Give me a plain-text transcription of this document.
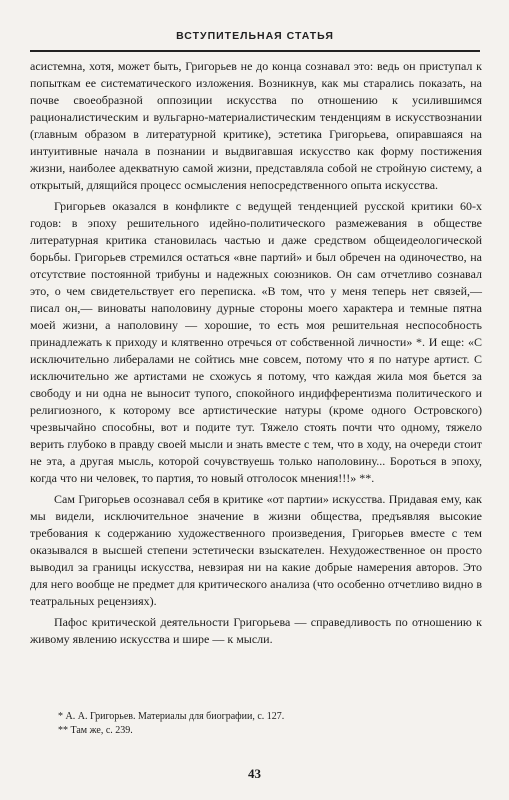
ВСТУПИТЕЛЬНАЯ СТАТЬЯ

асистемна, хотя, может быть, Григорьев не до конца сознавал это: ведь он приступал к попыткам ее систематического изложения. Возникнув, как мы старались показать, на почве своеобразной оппозиции искусства по отношению к усилившимся рационалистическим и вульгарно-материалистическим тенденциям в искусствознании (главным образом в литературной критике), эстетика Григорьева, опиравшаяся на интуитивные начала в познании и выдвигавшая искусство как форму постижения жизни, наиболее адекватную самой жизни, представляла собой не стройную систему, а открытый, длящийся процесс осмысления непосредственного опыта искусства.

Григорьев оказался в конфликте с ведущей тенденцией русской критики 60-х годов: в эпоху решительного идейно-политического размежевания в обществе литературная критика становилась частью и даже средством общеидеологической борьбы. Григорьев стремился остаться «вне партий» и был обречен на одиночество, на отсутствие постоянной трибуны и надежных союзников. Он сам отчетливо сознавал это, о чем свидетельствует его переписка. «В том, что у меня теперь нет связей,— писал он,— виноваты наполовину дурные стороны моего характера и темные пятна моей жизни, а наполовину — хорошие, то есть моя решительная неспособность принадлежать к приходу и клятвенно отречься от собственной личности» *. И еще: «С исключительно либералами не сойтись мне совсем, потому что я по натуре артист. С исключительно же артистами не схожусь я потому, что каждая жила моя бьется за свободу и ни одна не выносит тупого, спокойного индифферентизма политического и религиозного, к которому все артистические натуры (кроме одного Островского) чрезвычайно способны, вот и подите тут. Тяжело стоять почти что одному, тяжело верить глубоко в правду своей мысли и знать вместе с тем, что в ходу, на очереди стоит не эта, а другая мысль, которой сочувствуешь только наполовину... Боροться в эпоху, когда что ни человек, то партия, то новый отголосок мнения!!!» **.

Сам Григорьев осознавал себя в критике «от партии» искусства. Придавая ему, как мы видели, исключительное значение в жизни общества, предъявляя высокие требования к содержанию художественного произведения, Григорьев вместе с тем оказывался в высшей степени эстетически взыскателен. Нехудожественное он просто выводил за границы искусства, невзирая ни на какие добрые намерения авторов. Это для него вообще не предмет для критического анализа (что особенно отчетливо видно в театральных рецензиях).

Пафос критической деятельности Григорьева — справедливость по отношению к живому явлению искусства и шире — к мысли.

* А. А. Григорьев. Материалы для биографии, с. 127.
** Там же, с. 239.
43
